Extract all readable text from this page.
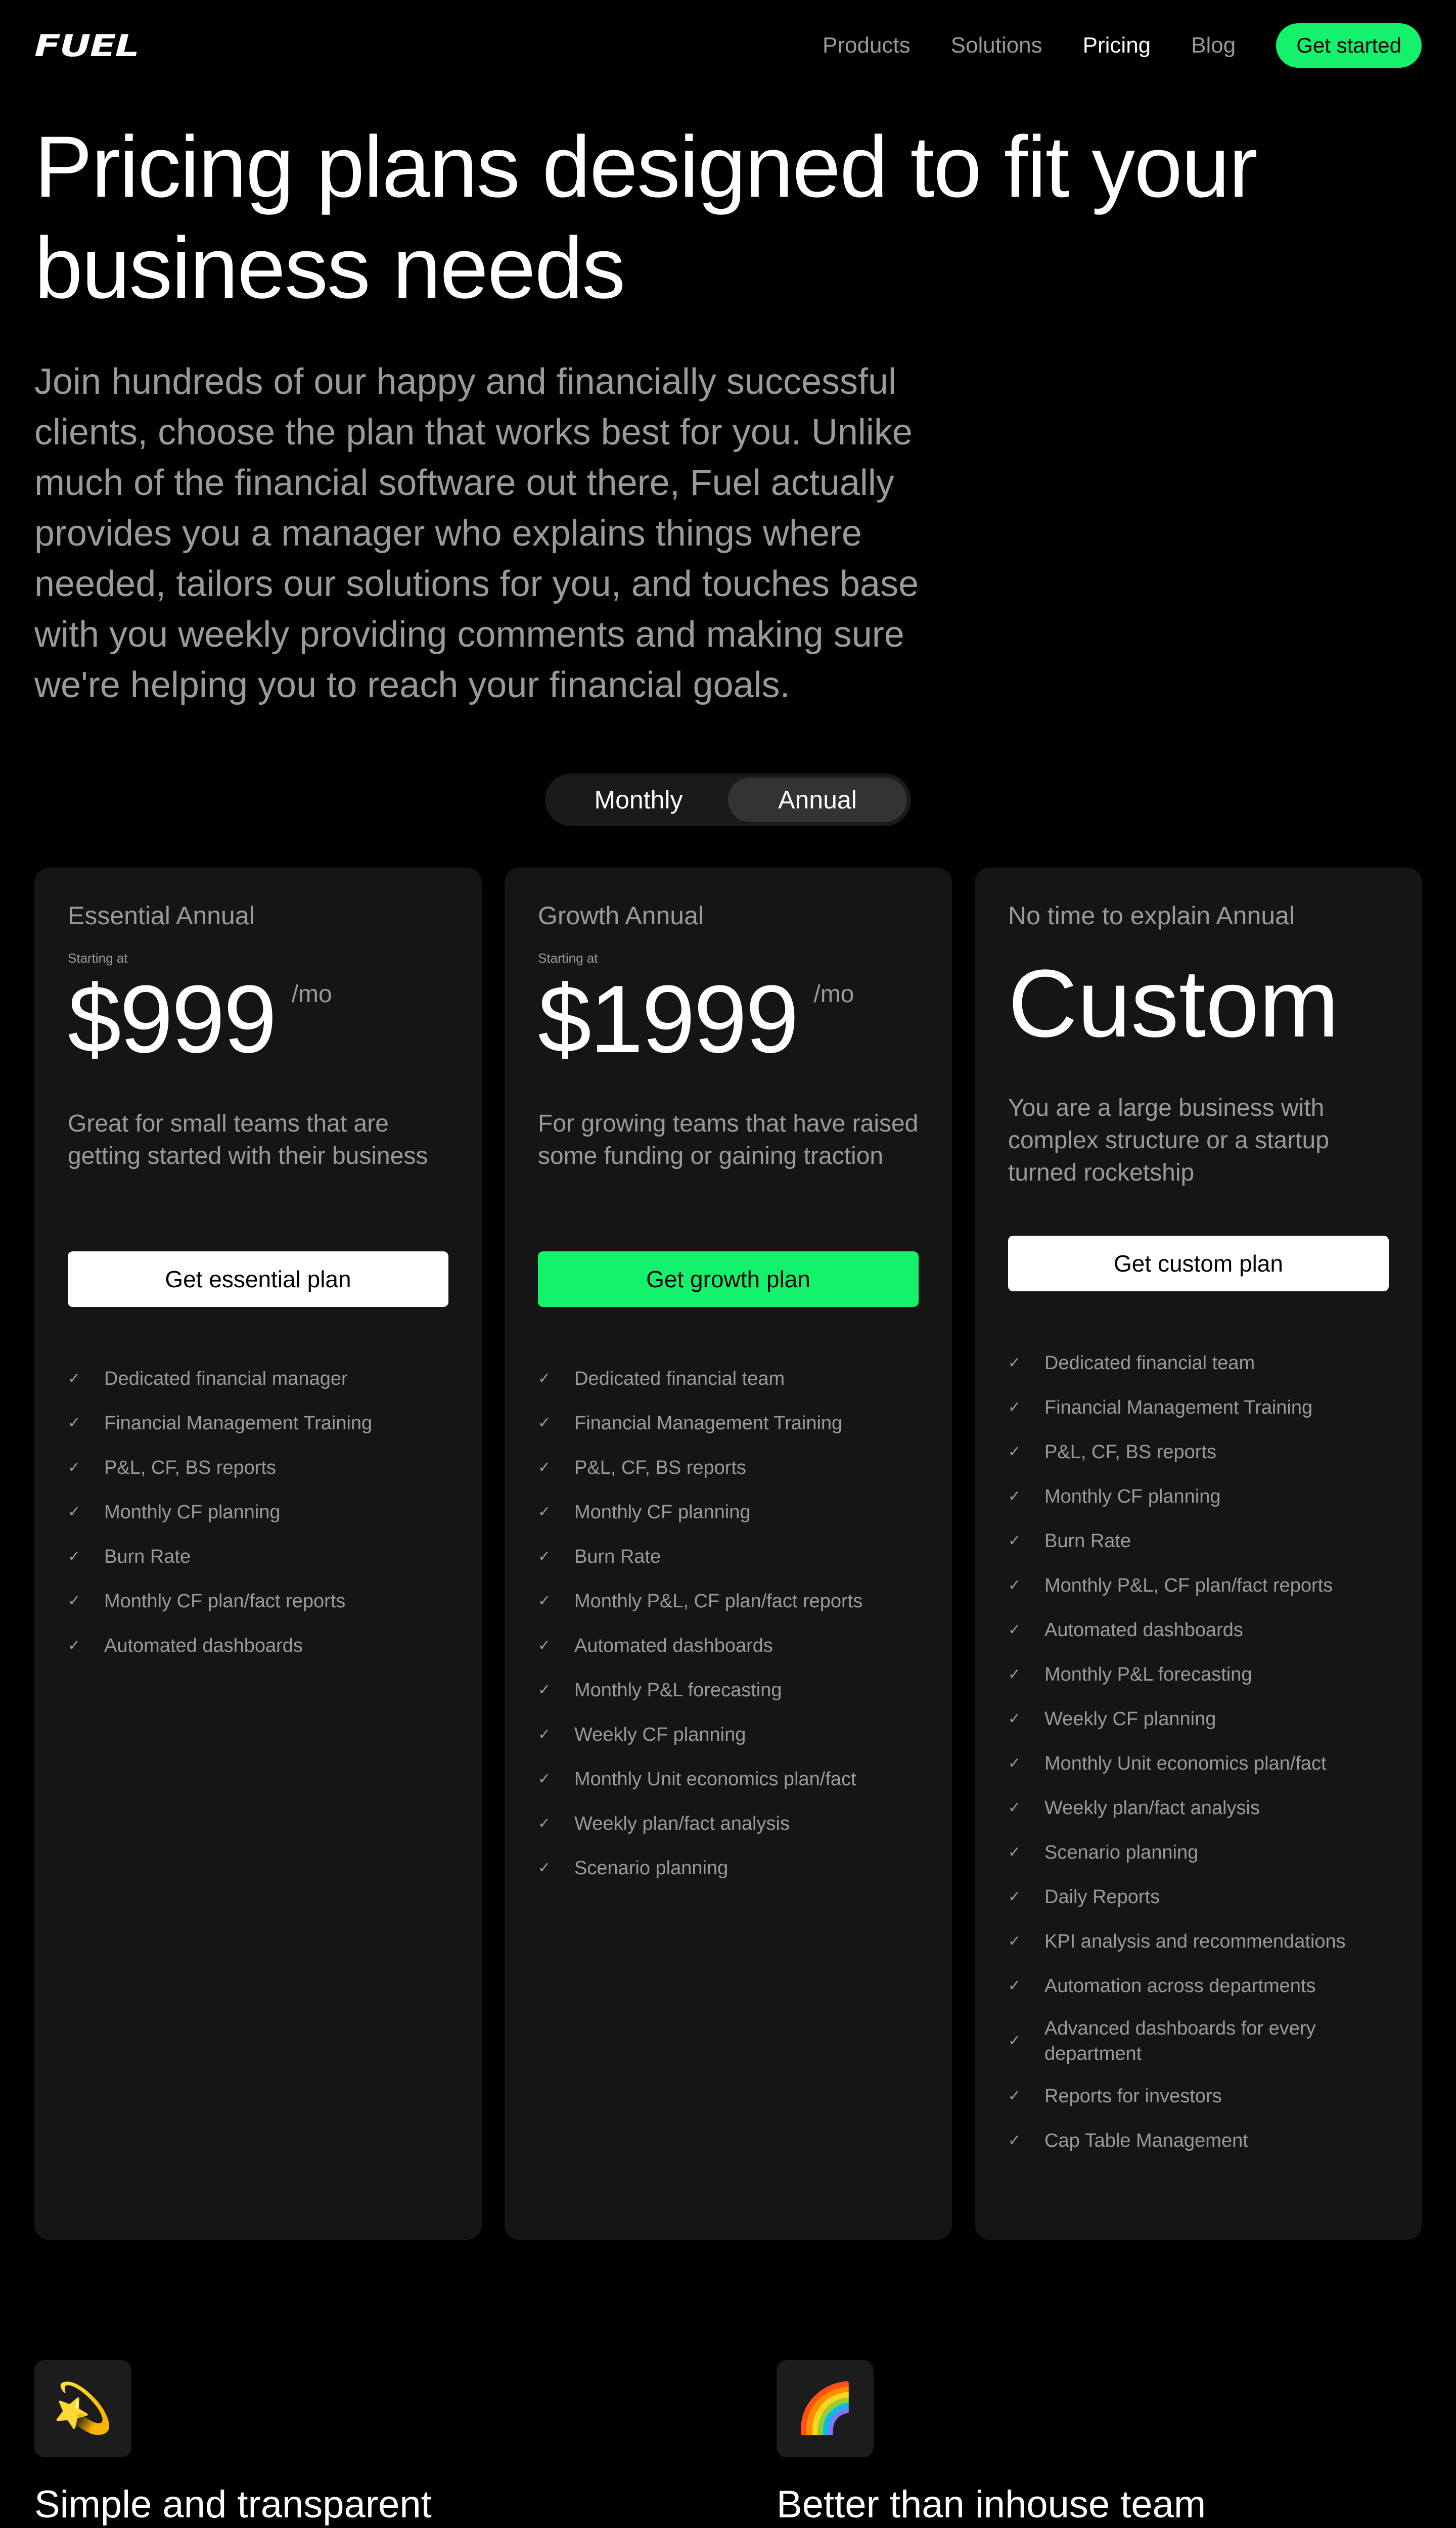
FUEL	Products Solutions Pricing Blog	Get started
Pricing plans designed to fit your business needs

Join hundreds of our happy and financially successful clients, choose the plan that works best for you. Unlike much of the financial software out there, Fuel actually provides you a manager who explains things where needed, tailors our solutions for you, and touches base with you weekly providing comments and making sure we're helping you to reach your financial goals.

Monthly	Annual
Essential Annual
Starting at
$999 /mo
Great for small teams that are getting started with their business
Get essential plan
✓	Dedicated financial manager
✓	Financial Management Training
✓	P&L, CF, BS reports
✓	Monthly CF planning
✓	Burn Rate
✓	Monthly CF plan/fact reports
✓	Automated dashboards
Growth Annual
Starting at
$1999 /mo
For growing teams that have raised some funding or gaining traction
Get growth plan
✓	Dedicated financial team
✓	Financial Management Training
✓	P&L, CF, BS reports
✓	Monthly CF planning
✓	Burn Rate
✓	Monthly P&L, CF plan/fact reports
✓	Automated dashboards
✓	Monthly P&L forecasting
✓	Weekly CF planning
✓	Monthly Unit economics plan/fact
✓	Weekly plan/fact analysis
✓	Scenario planning
No time to explain Annual
Custom
You are a large business with complex structure or a startup turned rocketship
Get custom plan
✓	Dedicated financial team
✓	Financial Management Training
✓	P&L, CF, BS reports
✓	Monthly CF planning
✓	Burn Rate
✓	Monthly P&L, CF plan/fact reports
✓	Automated dashboards
✓	Monthly P&L forecasting
✓	Weekly CF planning
✓	Monthly Unit economics plan/fact
✓	Weekly plan/fact analysis
✓	Scenario planning
✓	Daily Reports
✓	KPI analysis and recommendations
✓	Automation across departments
✓
Advanced dashboards for every department
✓	Reports for investors
✓	Cap Table Management
💫
Simple and transparent
🌈
Better than inhouse team
